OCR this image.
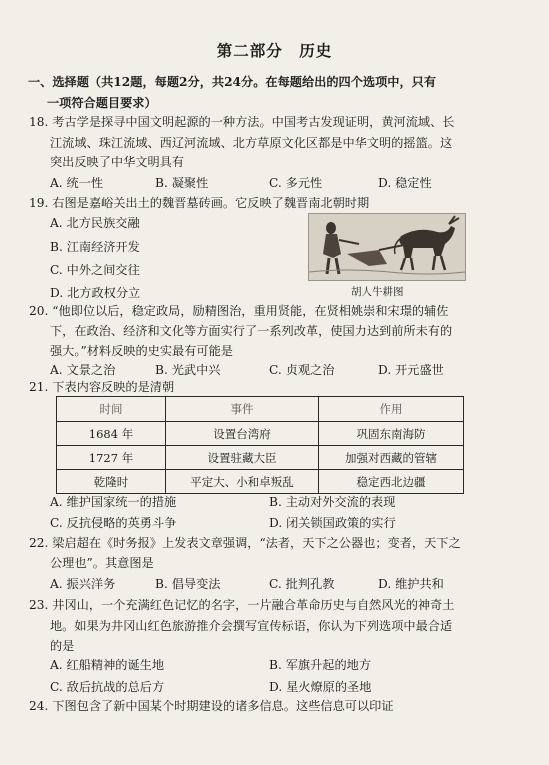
第二部分　历史
一、选择题（共12题，每题2分，共24分。在每题给出的四个选项中，只有
一项符合题目要求）
18. 考古学是探寻中国文明起源的一种方法。中国考古发现证明，黄河流域、长
江流域、珠江流域、西辽河流域、北方草原文化区都是中华文明的摇篮。这
突出反映了中华文明具有
A. 统一性	B. 凝聚性	C. 多元性	D. 稳定性
19. 右图是嘉峪关出土的魏晋墓砖画。它反映了魏晋南北朝时期
A. 北方民族交融
B. 江南经济开发
C. 中外之间交往
D. 北方政权分立	胡人牛耕图
20. “他即位以后，稳定政局，励精图治，重用贤能，在贤相姚崇和宋璟的辅佐
下，在政治、经济和文化等方面实行了一系列改革，使国力达到前所未有的
强大。”材料反映的史实最有可能是
A. 文景之治	B. 光武中兴	C. 贞观之治	D. 开元盛世
21. 下表内容反映的是清朝
时间	事件	作用
1684 年	设置台湾府	巩固东南海防
1727 年	设置驻藏大臣	加强对西藏的管辖
乾隆时	平定大、小和卓叛乱	稳定西北边疆
A. 维护国家统一的措施	B. 主动对外交流的表现
C. 反抗侵略的英勇斗争	D. 闭关锁国政策的实行
22. 梁启超在《时务报》上发表文章强调，“法者，天下之公器也；变者，天下之
公理也”。其意图是
A. 振兴洋务	B. 倡导变法	C. 批判孔教	D. 维护共和
23. 井冈山，一个充满红色记忆的名字，一片融合革命历史与自然风光的神奇土
地。如果为井冈山红色旅游推介会撰写宣传标语，你认为下列选项中最合适
的是
A. 红船精神的诞生地	B. 军旗升起的地方
C. 敌后抗战的总后方	D. 星火燎原的圣地
24. 下图包含了新中国某个时期建设的诸多信息。这些信息可以印证
